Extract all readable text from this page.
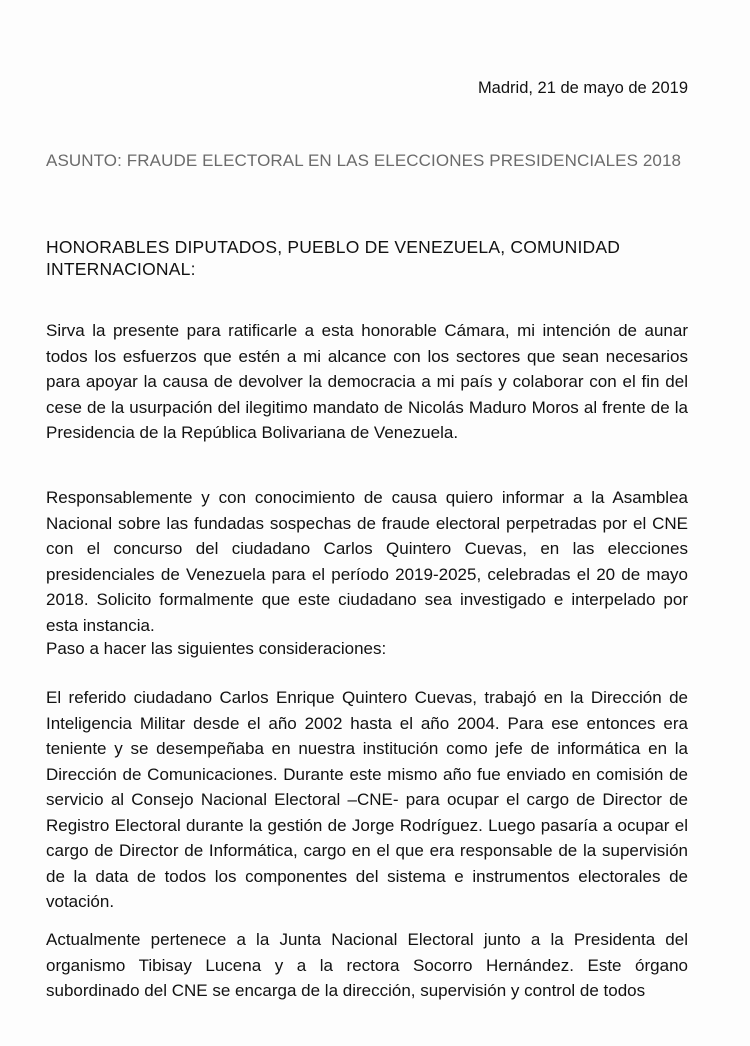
Madrid, 21 de mayo de 2019
ASUNTO: FRAUDE ELECTORAL EN LAS ELECCIONES PRESIDENCIALES 2018
HONORABLES DIPUTADOS, PUEBLO DE VENEZUELA, COMUNIDAD INTERNACIONAL:

Sirva la presente para ratificarle a esta honorable Cámara, mi intención de aunar todos los esfuerzos que estén a mi alcance con los sectores que sean necesarios para apoyar la causa de devolver la democracia a mi país y colaborar con el fin del cese de la usurpación del ilegitimo mandato de Nicolás Maduro Moros al frente de la Presidencia de la República Bolivariana de Venezuela.

Responsablemente y con conocimiento de causa quiero informar a la Asamblea Nacional sobre las fundadas sospechas de fraude electoral perpetradas por el CNE con el concurso del ciudadano Carlos Quintero Cuevas, en las elecciones presidenciales de Venezuela para el período 2019-2025, celebradas el 20 de mayo 2018. Solicito formalmente que este ciudadano sea investigado e interpelado por esta instancia.

Paso a hacer las siguientes consideraciones:

El referido ciudadano Carlos Enrique Quintero Cuevas, trabajó en la Dirección de Inteligencia Militar desde el año 2002 hasta el año 2004. Para ese entonces era teniente y se desempeñaba en nuestra institución como jefe de informática en la Dirección de Comunicaciones. Durante este mismo año fue enviado en comisión de servicio al Consejo Nacional Electoral –CNE- para ocupar el cargo de Director de Registro Electoral durante la gestión de Jorge Rodríguez. Luego pasaría a ocupar el cargo de Director de Informática, cargo en el que era responsable de la supervisión de la data de todos los componentes del sistema e instrumentos electorales de votación.

Actualmente pertenece a la Junta Nacional Electoral junto a la Presidenta del organismo Tibisay Lucena y a la rectora Socorro Hernández. Este órgano subordinado del CNE se encarga de la dirección, supervisión y control de todos
